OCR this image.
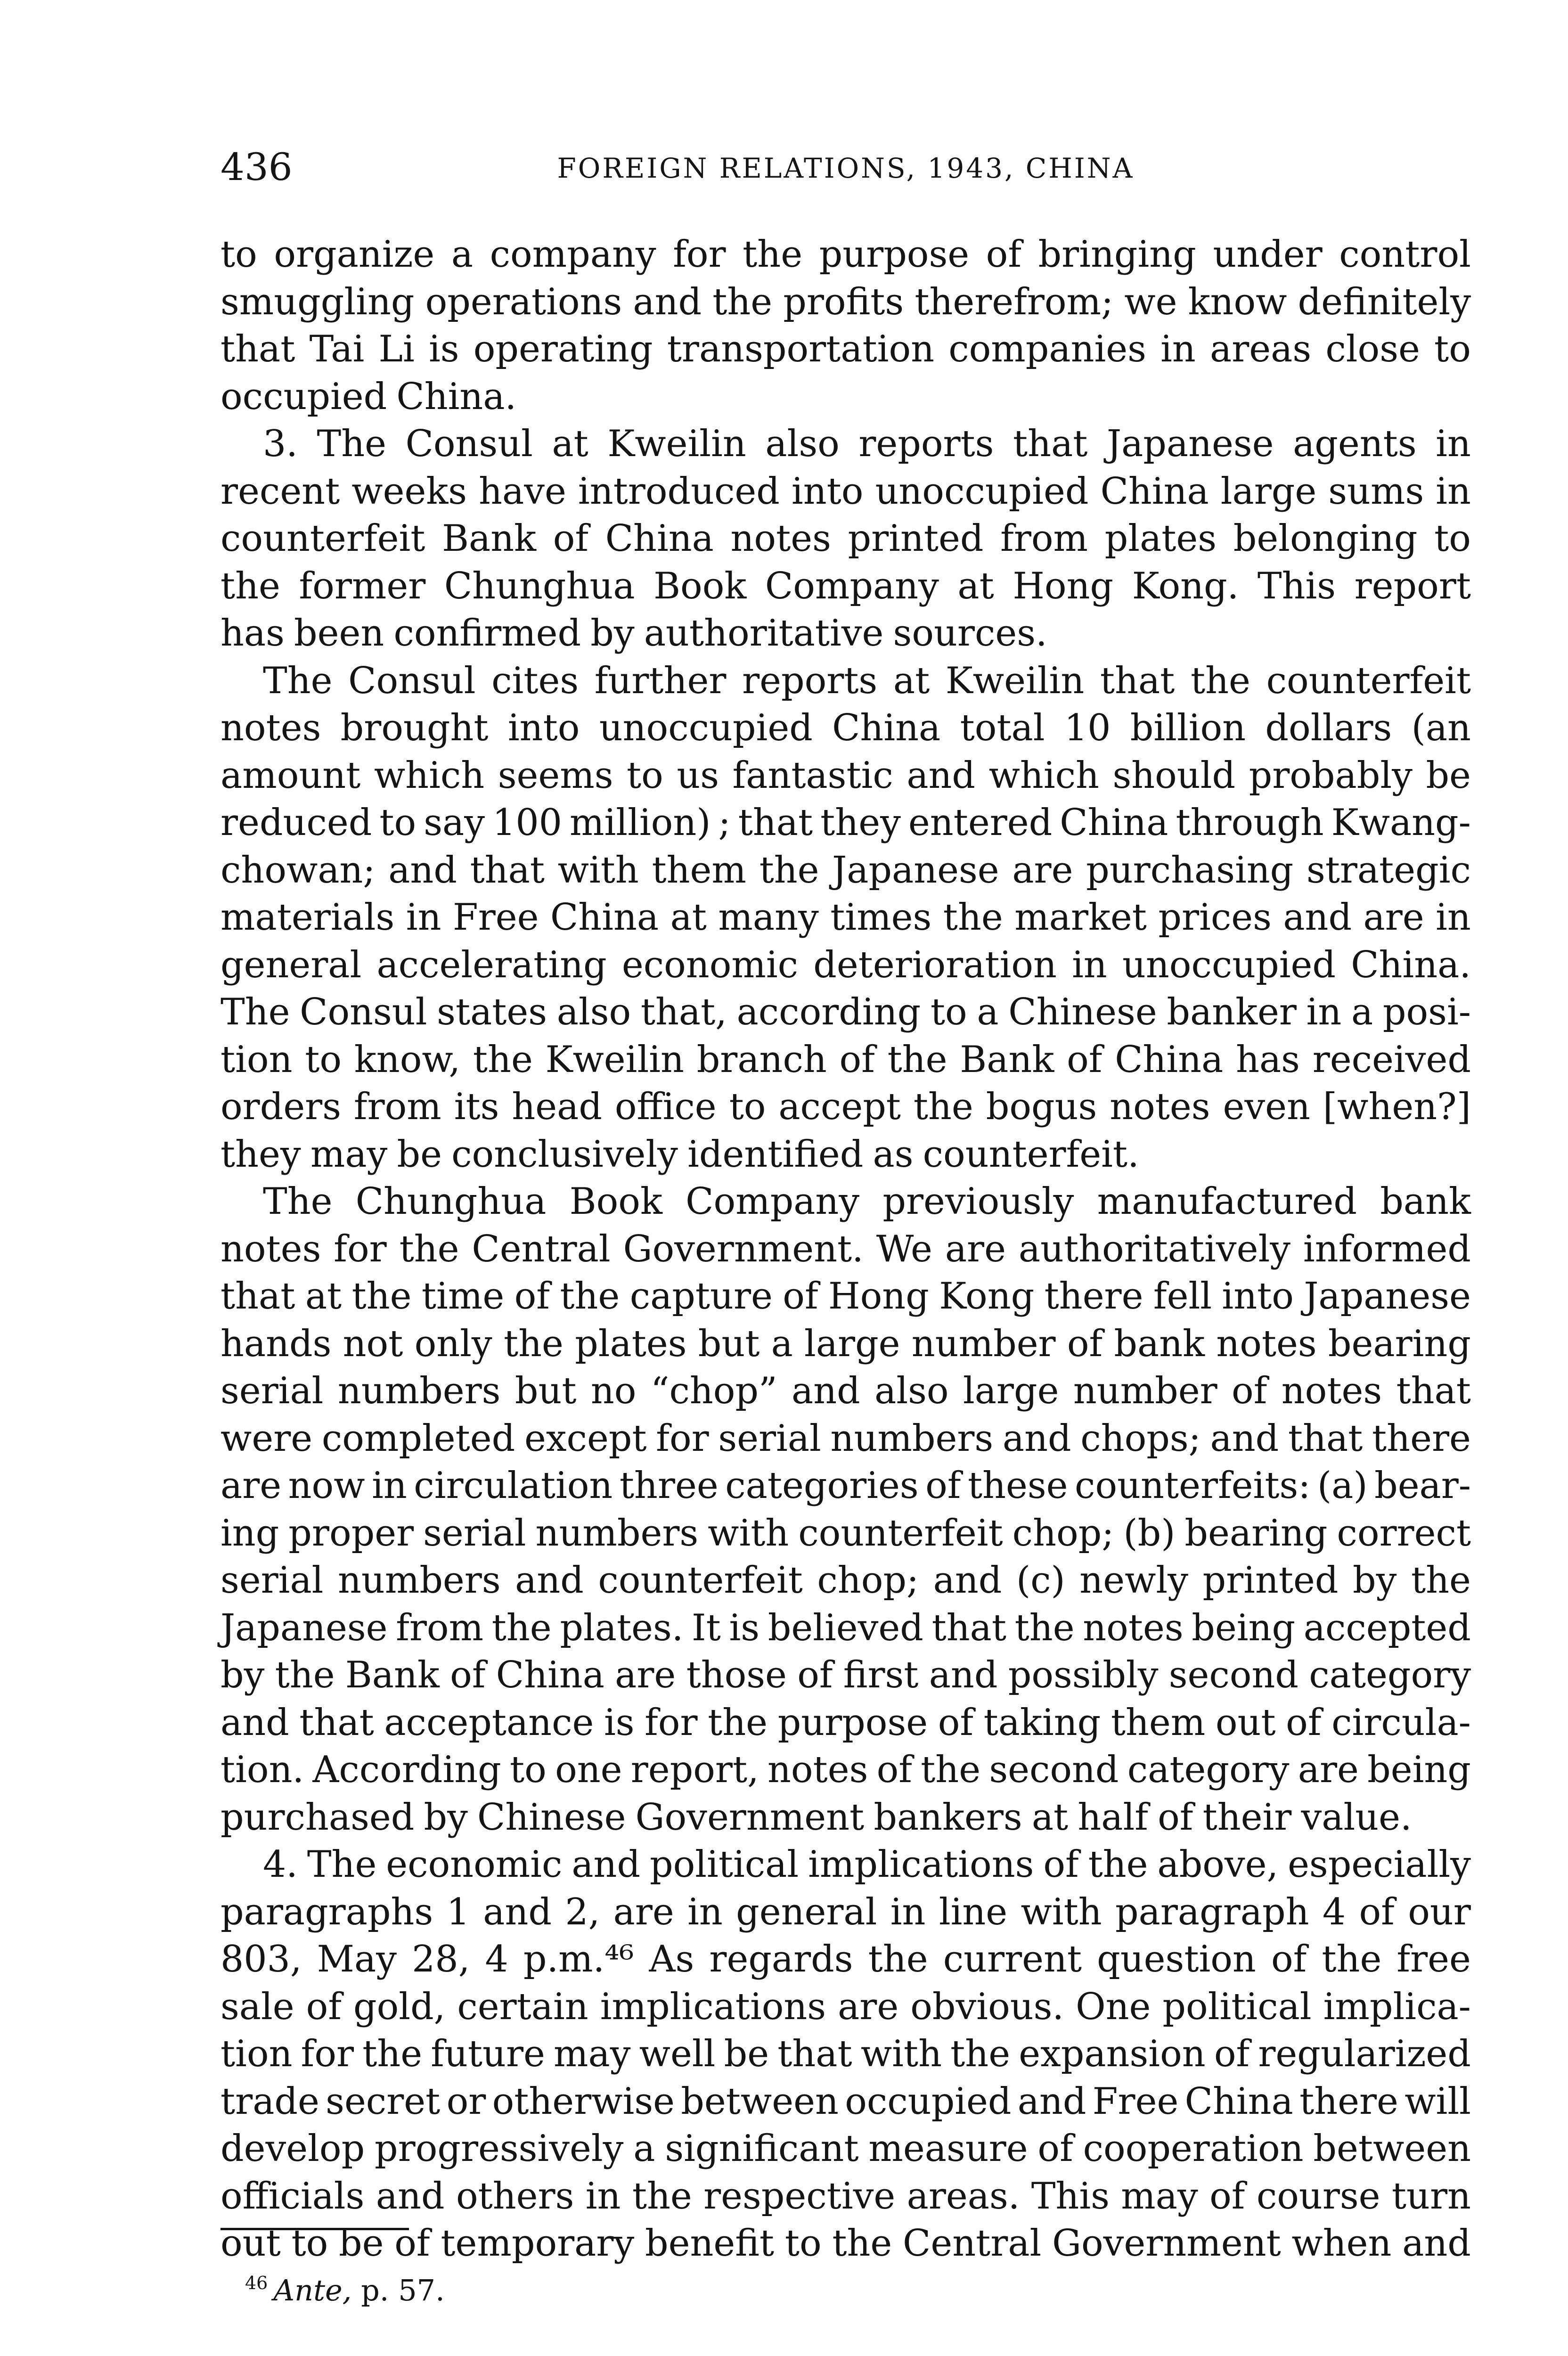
436	FOREIGN RELATIONS, 1943, CHINA
to organize a company for the purpose of bringing under control
smuggling operations and the profits therefrom; we know definitely
that Tai Li is operating transportation companies in areas close to
occupied China.
3. The Consul at Kweilin also reports that Japanese agents in
recent weeks have introduced into unoccupied China large sums in
counterfeit Bank of China notes printed from plates belonging to
the former Chunghua Book Company at Hong Kong. This report
has been confirmed by authoritative sources.
The Consul cites further reports at Kweilin that the counterfeit
notes brought into unoccupied China total 10 billion dollars (an
amount which seems to us fantastic and which should probably be
reduced to say 100 million) ; that they entered China through Kwang-
chowan; and that with them the Japanese are purchasing strategic
materials in Free China at many times the market prices and are in
general accelerating economic deterioration in unoccupied China.
The Consul states also that, according to a Chinese banker in a posi-
tion to know, the Kweilin branch of the Bank of China has received
orders from its head office to accept the bogus notes even [when?]
they may be conclusively identified as counterfeit.
The Chunghua Book Company previously manufactured bank
notes for the Central Government. We are authoritatively informed
that at the time of the capture of Hong Kong there fell into Japanese
hands not only the plates but a large number of bank notes bearing
serial numbers but no “chop” and also large number of notes that
were completed except for serial numbers and chops; and that there
are now in circulation three categories of these counterfeits: (a) bear-
ing proper serial numbers with counterfeit chop; (b) bearing correct
serial numbers and counterfeit chop; and (c) newly printed by the
Japanese from the plates. It is believed that the notes being accepted
by the Bank of China are those of first and possibly second category
and that acceptance is for the purpose of taking them out of circula-
tion. According to one report, notes of the second category are being
purchased by Chinese Government bankers at half of their value.
4. The economic and political implications of the above, especially
paragraphs 1 and 2, are in general in line with paragraph 4 of our
803, May 28, 4 p.m.⁴⁶ As regards the current question of the free
sale of gold, certain implications are obvious. One political implica-
tion for the future may well be that with the expansion of regularized
trade secret or otherwise between occupied and Free China there will
develop progressively a significant measure of cooperation between
officials and others in the respective areas. This may of course turn
out to be of temporary benefit to the Central Government when and
$^{46}$ Ante, p. 57.
